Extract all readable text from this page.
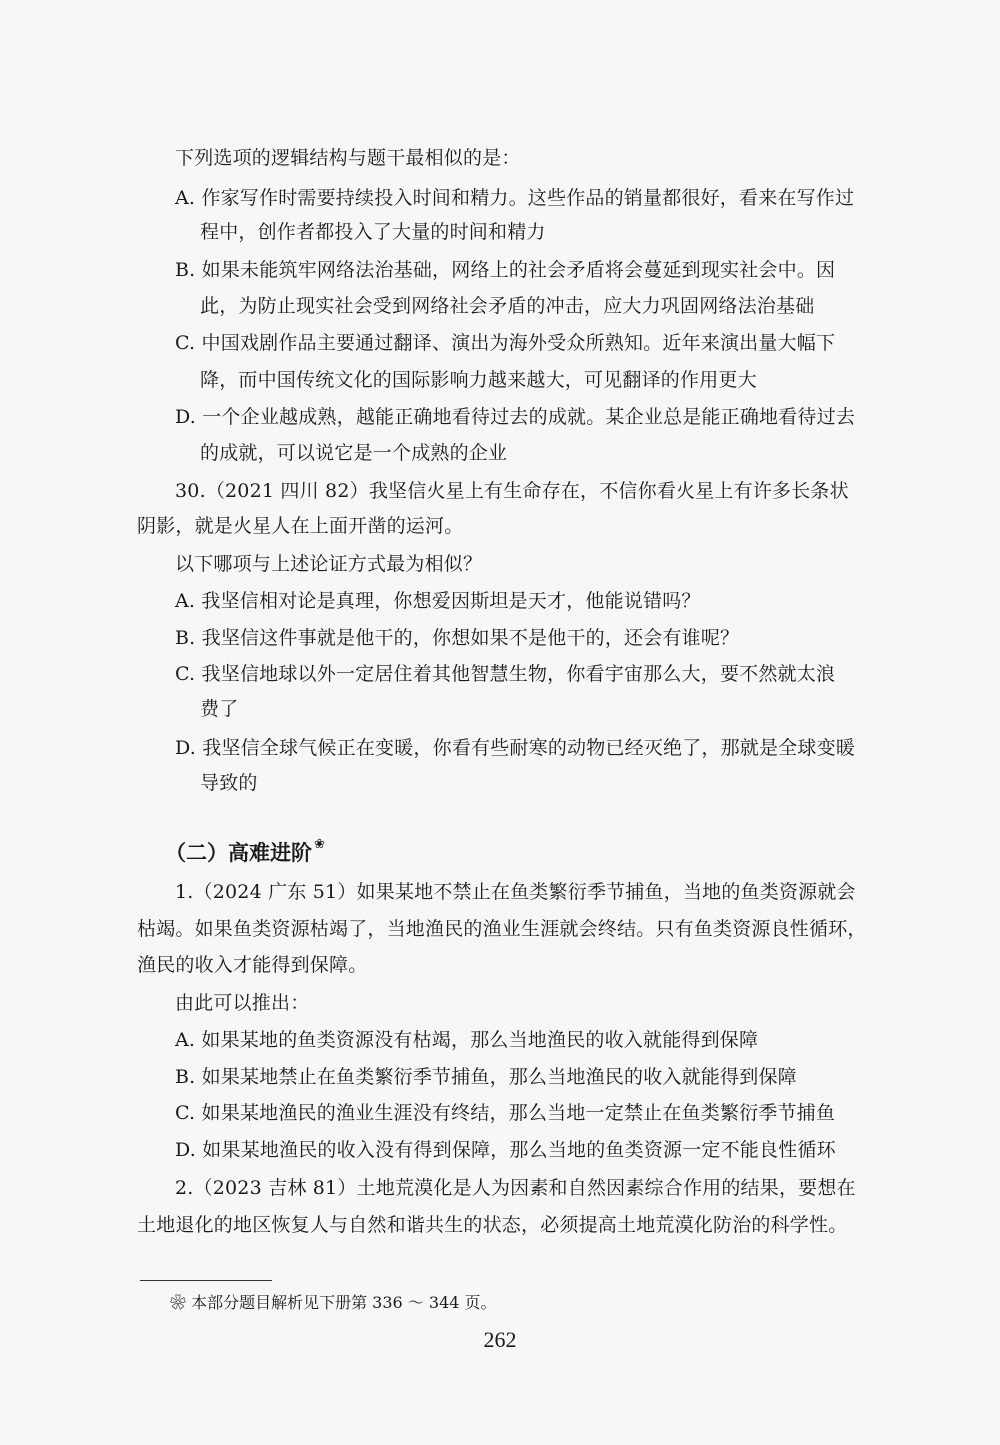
下列选项的逻辑结构与题干最相似的是：
A. 作家写作时需要持续投入时间和精力。这些作品的销量都很好，看来在写作过
程中，创作者都投入了大量的时间和精力
B. 如果未能筑牢网络法治基础，网络上的社会矛盾将会蔓延到现实社会中。因
此，为防止现实社会受到网络社会矛盾的冲击，应大力巩固网络法治基础
C. 中国戏剧作品主要通过翻译、演出为海外受众所熟知。近年来演出量大幅下
降，而中国传统文化的国际影响力越来越大，可见翻译的作用更大
D. 一个企业越成熟，越能正确地看待过去的成就。某企业总是能正确地看待过去
的成就，可以说它是一个成熟的企业
30.（2021 四川 82）我坚信火星上有生命存在，不信你看火星上有许多长条状
阴影，就是火星人在上面开凿的运河。
以下哪项与上述论证方式最为相似？
A. 我坚信相对论是真理，你想爱因斯坦是天才，他能说错吗？
B. 我坚信这件事就是他干的，你想如果不是他干的，还会有谁呢？
C. 我坚信地球以外一定居住着其他智慧生物，你看宇宙那么大，要不然就太浪
费了
D. 我坚信全球气候正在变暖，你看有些耐寒的动物已经灭绝了，那就是全球变暖
导致的
（二）高难进阶 ❀
1.（2024 广东 51）如果某地不禁止在鱼类繁衍季节捕鱼，当地的鱼类资源就会
枯竭。如果鱼类资源枯竭了，当地渔民的渔业生涯就会终结。只有鱼类资源良性循环，
渔民的收入才能得到保障。
由此可以推出：
A. 如果某地的鱼类资源没有枯竭，那么当地渔民的收入就能得到保障
B. 如果某地禁止在鱼类繁衍季节捕鱼，那么当地渔民的收入就能得到保障
C. 如果某地渔民的渔业生涯没有终结，那么当地一定禁止在鱼类繁衍季节捕鱼
D. 如果某地渔民的收入没有得到保障，那么当地的鱼类资源一定不能良性循环
2.（2023 吉林 81）土地荒漠化是人为因素和自然因素综合作用的结果，要想在
土地退化的地区恢复人与自然和谐共生的状态，必须提高土地荒漠化防治的科学性。
❀ 本部分题目解析见下册第 336 ～ 344 页。
262
